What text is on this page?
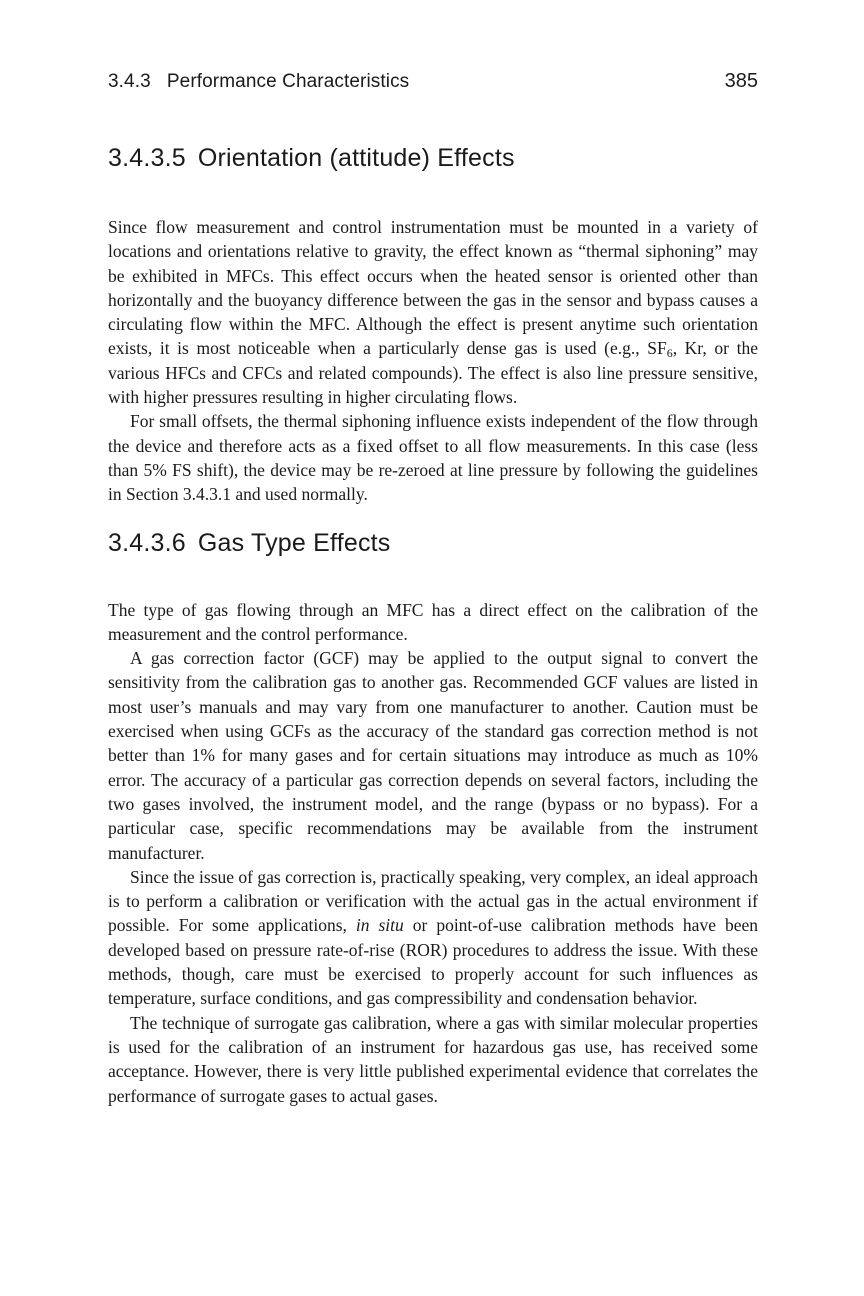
3.4.3   Performance Characteristics	385
3.4.3.5 Orientation (attitude) Effects

Since flow measurement and control instrumentation must be mounted in a variety of locations and orientations relative to gravity, the effect known as “thermal siphoning” may be exhibited in MFCs. This effect occurs when the heated sensor is oriented other than horizontally and the buoyancy difference between the gas in the sensor and bypass causes a circulating flow within the MFC. Although the effect is present anytime such orientation exists, it is most noticeable when a particularly dense gas is used (e.g., $SF_6$, Kr, or the various HFCs and CFCs and related compounds). The effect is also line pressure sensitive, with higher pressures resulting in higher circulating flows.

For small offsets, the thermal siphoning influence exists independent of the flow through the device and therefore acts as a fixed offset to all flow measurements. In this case (less than 5% FS shift), the device may be re-zeroed at line pressure by following the guidelines in Section 3.4.3.1 and used normally.

3.4.3.6 Gas Type Effects

The type of gas flowing through an MFC has a direct effect on the calibration of the measurement and the control performance.

A gas correction factor (GCF) may be applied to the output signal to convert the sensitivity from the calibration gas to another gas. Recommended GCF values are listed in most user’s manuals and may vary from one manufacturer to another. Caution must be exercised when using GCFs as the accuracy of the standard gas correction method is not better than 1% for many gases and for certain situations may introduce as much as 10% error. The accuracy of a particular gas correction depends on several factors, including the two gases involved, the instrument model, and the range (bypass or no bypass). For a particular case, specific recommendations may be available from the instrument manufacturer.

Since the issue of gas correction is, practically speaking, very complex, an ideal approach is to perform a calibration or verification with the actual gas in the actual environment if possible. For some applications, in situ or point-of-use calibration methods have been developed based on pressure rate-of-rise (ROR) procedures to address the issue. With these methods, though, care must be exercised to properly account for such influences as temperature, surface conditions, and gas compressibility and condensation behavior.

The technique of surrogate gas calibration, where a gas with similar molecular properties is used for the calibration of an instrument for hazardous gas use, has received some acceptance. However, there is very little published experimental evidence that correlates the performance of surrogate gases to actual gases.
